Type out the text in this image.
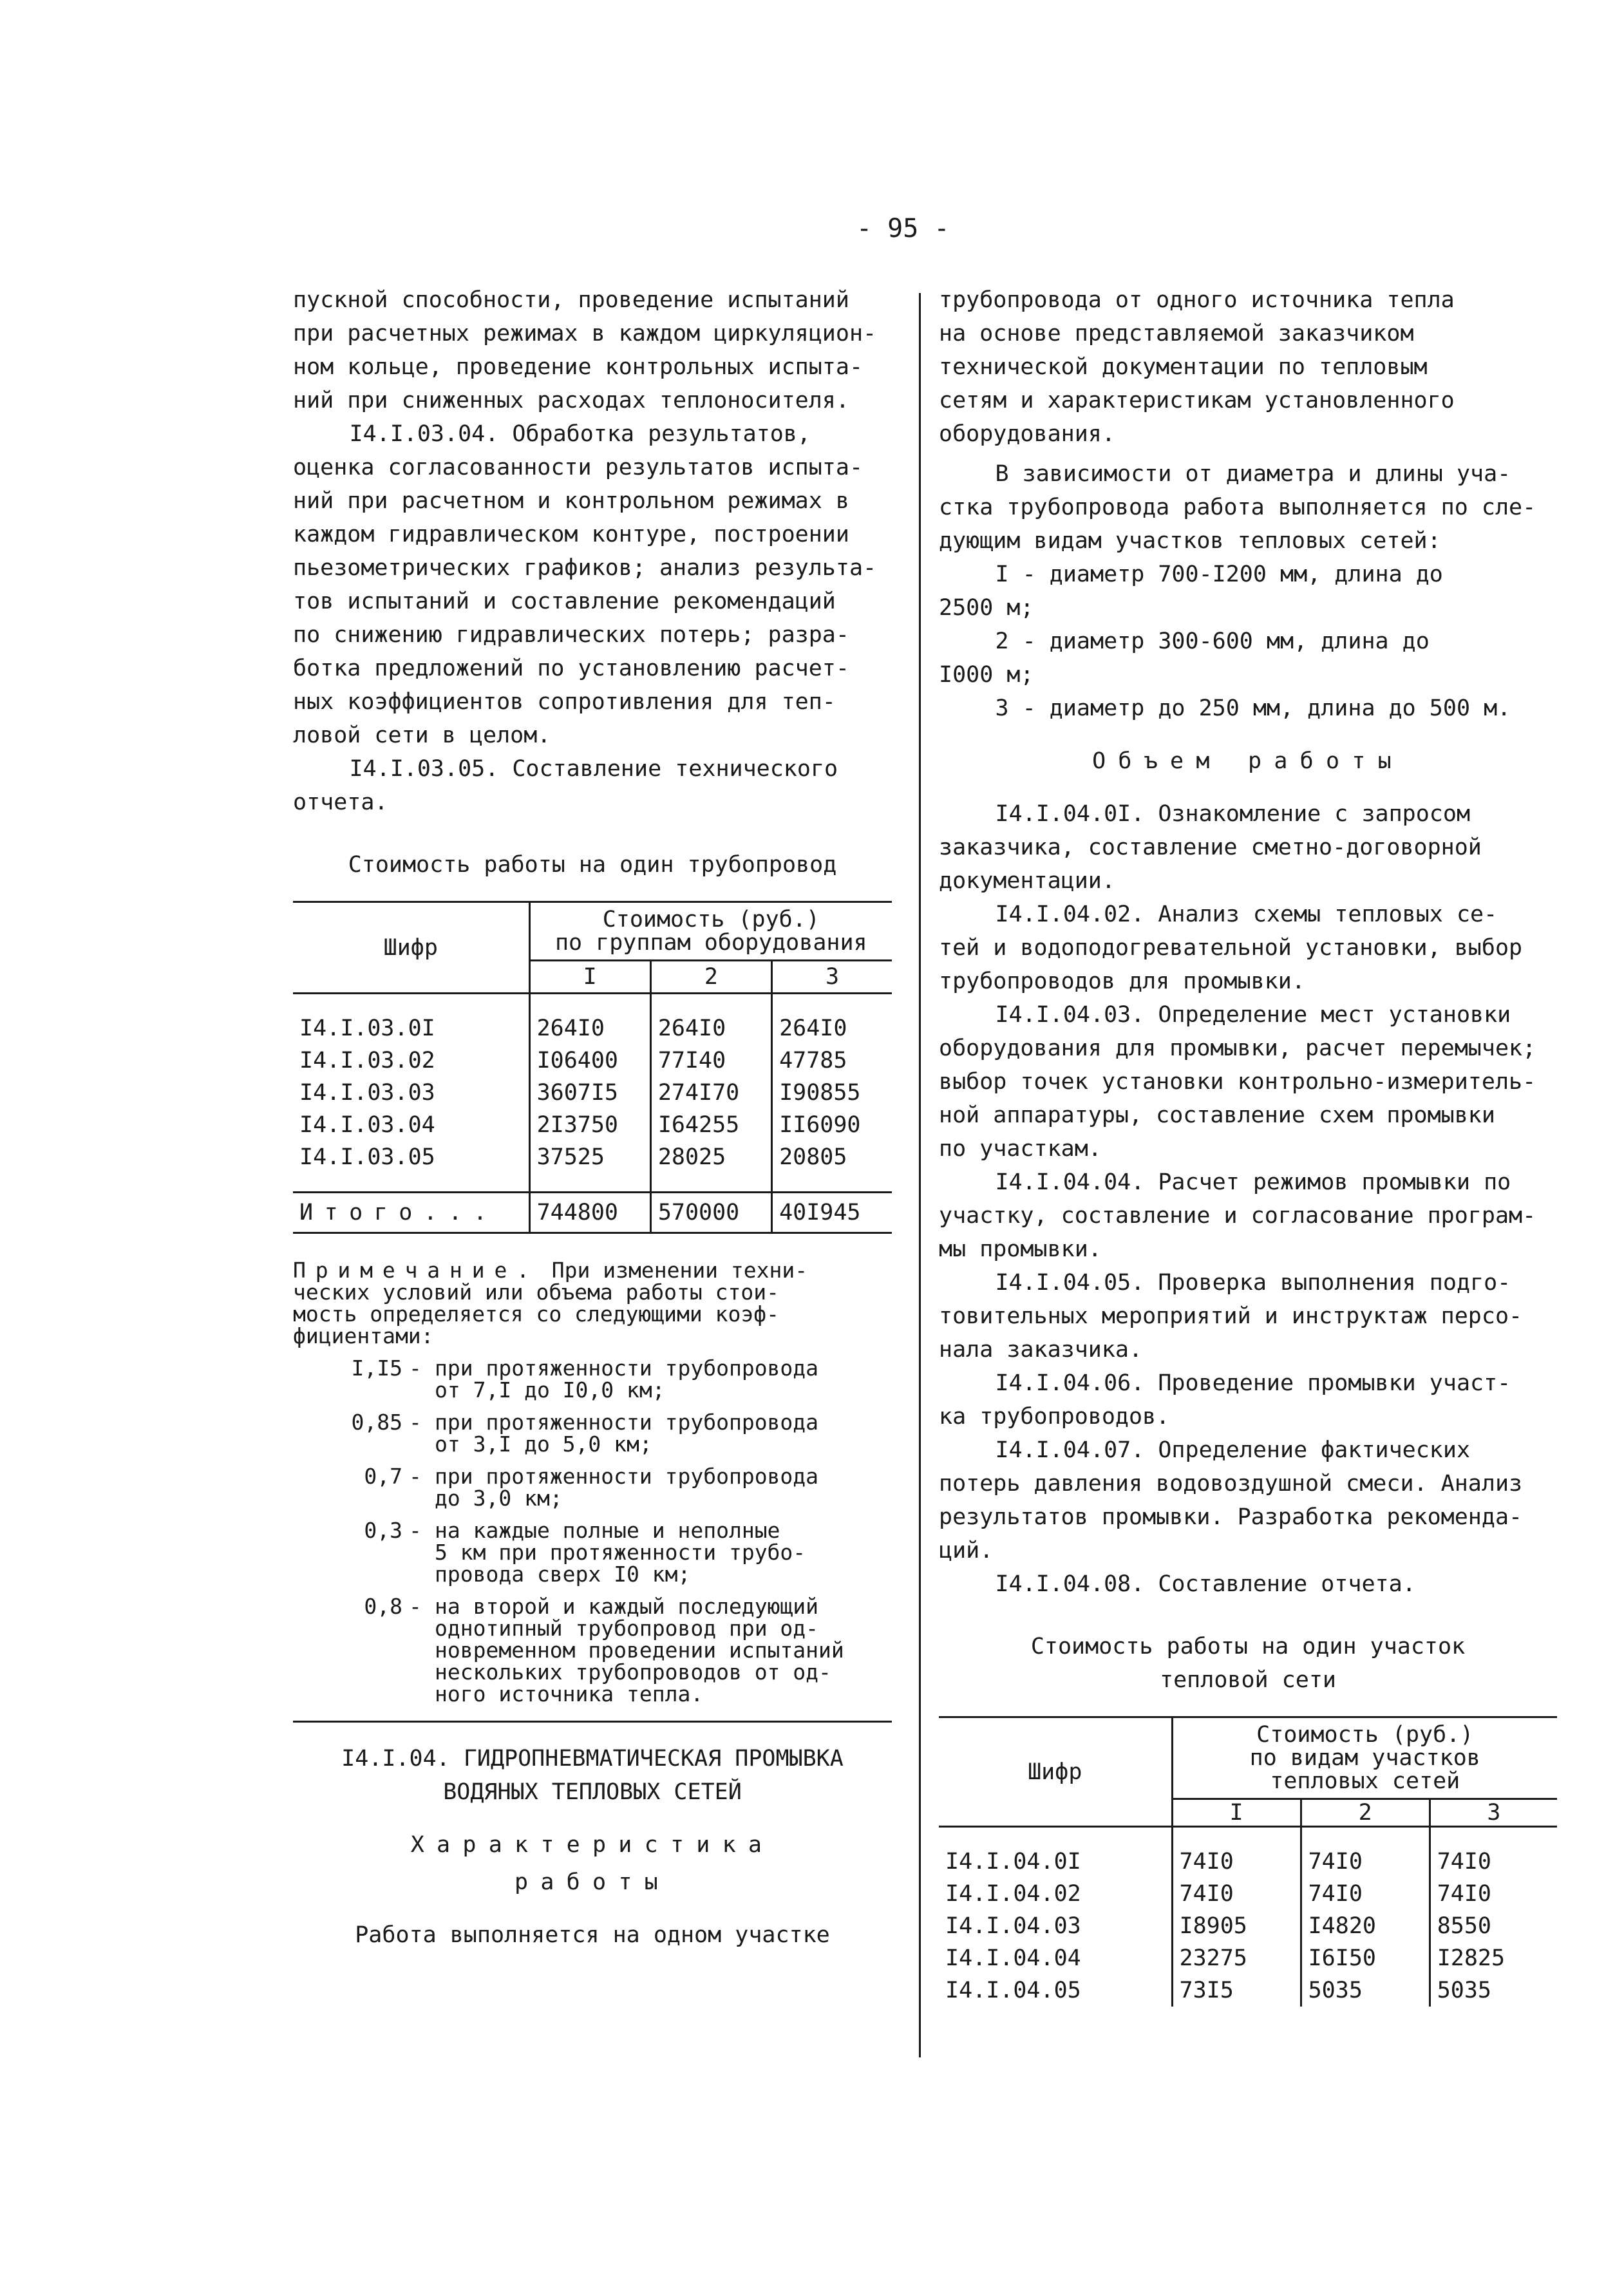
- 95 -

пускной способности, проведение испытаний
при расчетных режимах в каждом циркуляцион-
ном кольце, проведение контрольных испыта-
ний при сниженных расходах теплоносителя.

I4.I.03.04. Обработка результатов,
оценка согласованности результатов испыта-
ний при расчетном и контрольном режимах в
каждом гидравлическом контуре, построении
пьезометрических графиков; анализ результа-
тов испытаний и составление рекомендаций
по снижению гидравлических потерь; разра-
ботка предложений по установлению расчет-
ных коэффициентов сопротивления для теп-
ловой сети в целом.

I4.I.03.05. Составление технического
отчета.

Стоимость работы на один трубопровод

Шифр	Стоимость (руб.)
по группам оборудования		
	I	2	3

I4.I.03.0I	264I0	264I0	264I0
I4.I.03.02	I06400	77I40	47785
I4.I.03.03	3607I5	274I70	I90855
I4.I.03.04	2I3750	I64255	II6090
I4.I.03.05	37525	28025	20805

Итого...	744800	570000	40I945
Примечание. При изменении техни-
ческих условий или объема работы стои-
мость определяется со следующими коэф-
фициентами:
I,I5 - при протяженности трубопровода
от 7,I до I0,0 км;
0,85 - при протяженности трубопровода
от 3,I до 5,0 км;
0,7 - при протяженности трубопровода
до 3,0 км;
0,3 - на каждые полные и неполные
5 км при протяженности трубо-
провода сверх I0 км;
0,8 - на второй и каждый последующий
однотипный трубопровод при од-
новременном проведении испытаний
нескольких трубопроводов от од-
ного источника тепла.

I4.I.04. ГИДРОПНЕВМАТИЧЕСКАЯ ПРОМЫВКА
ВОДЯНЫХ ТЕПЛОВЫХ СЕТЕЙ

Характеристика

работы

Работа выполняется на одном участке

трубопровода от одного источника тепла
на основе представляемой заказчиком
технической документации по тепловым
сетям и характеристикам установленного
оборудования.

В зависимости от диаметра и длины уча-
стка трубопровода работа выполняется по сле-
дующим видам участков тепловых сетей:

I - диаметр 700-I200 мм, длина до
2500 м;

2 - диаметр 300-600 мм, длина до
I000 м;

3 - диаметр до 250 мм, длина до 500 м.

Объем работы

I4.I.04.0I. Ознакомление с запросом
заказчика, составление сметно-договорной
документации.

I4.I.04.02. Анализ схемы тепловых се-
тей и водоподогревательной установки, выбор
трубопроводов для промывки.

I4.I.04.03. Определение мест установки
оборудования для промывки, расчет перемычек;
выбор точек установки контрольно-измеритель-
ной аппаратуры, составление схем промывки
по участкам.

I4.I.04.04. Расчет режимов промывки по
участку, составление и согласование програм-
мы промывки.

I4.I.04.05. Проверка выполнения подго-
товительных мероприятий и инструктаж персо-
нала заказчика.

I4.I.04.06. Проведение промывки участ-
ка трубопроводов.

I4.I.04.07. Определение фактических
потерь давления водовоздушной смеси. Анализ
результатов промывки. Разработка рекоменда-
ций.

I4.I.04.08. Составление отчета.

Стоимость работы на один участок
тепловой сети

Шифр	Стоимость (руб.)
по видам участков
тепловых сетей		
	I	2	3

I4.I.04.0I	74I0	74I0	74I0
I4.I.04.02	74I0	74I0	74I0
I4.I.04.03	I8905	I4820	8550
I4.I.04.04	23275	I6I50	I2825
I4.I.04.05	73I5	5035	5035
